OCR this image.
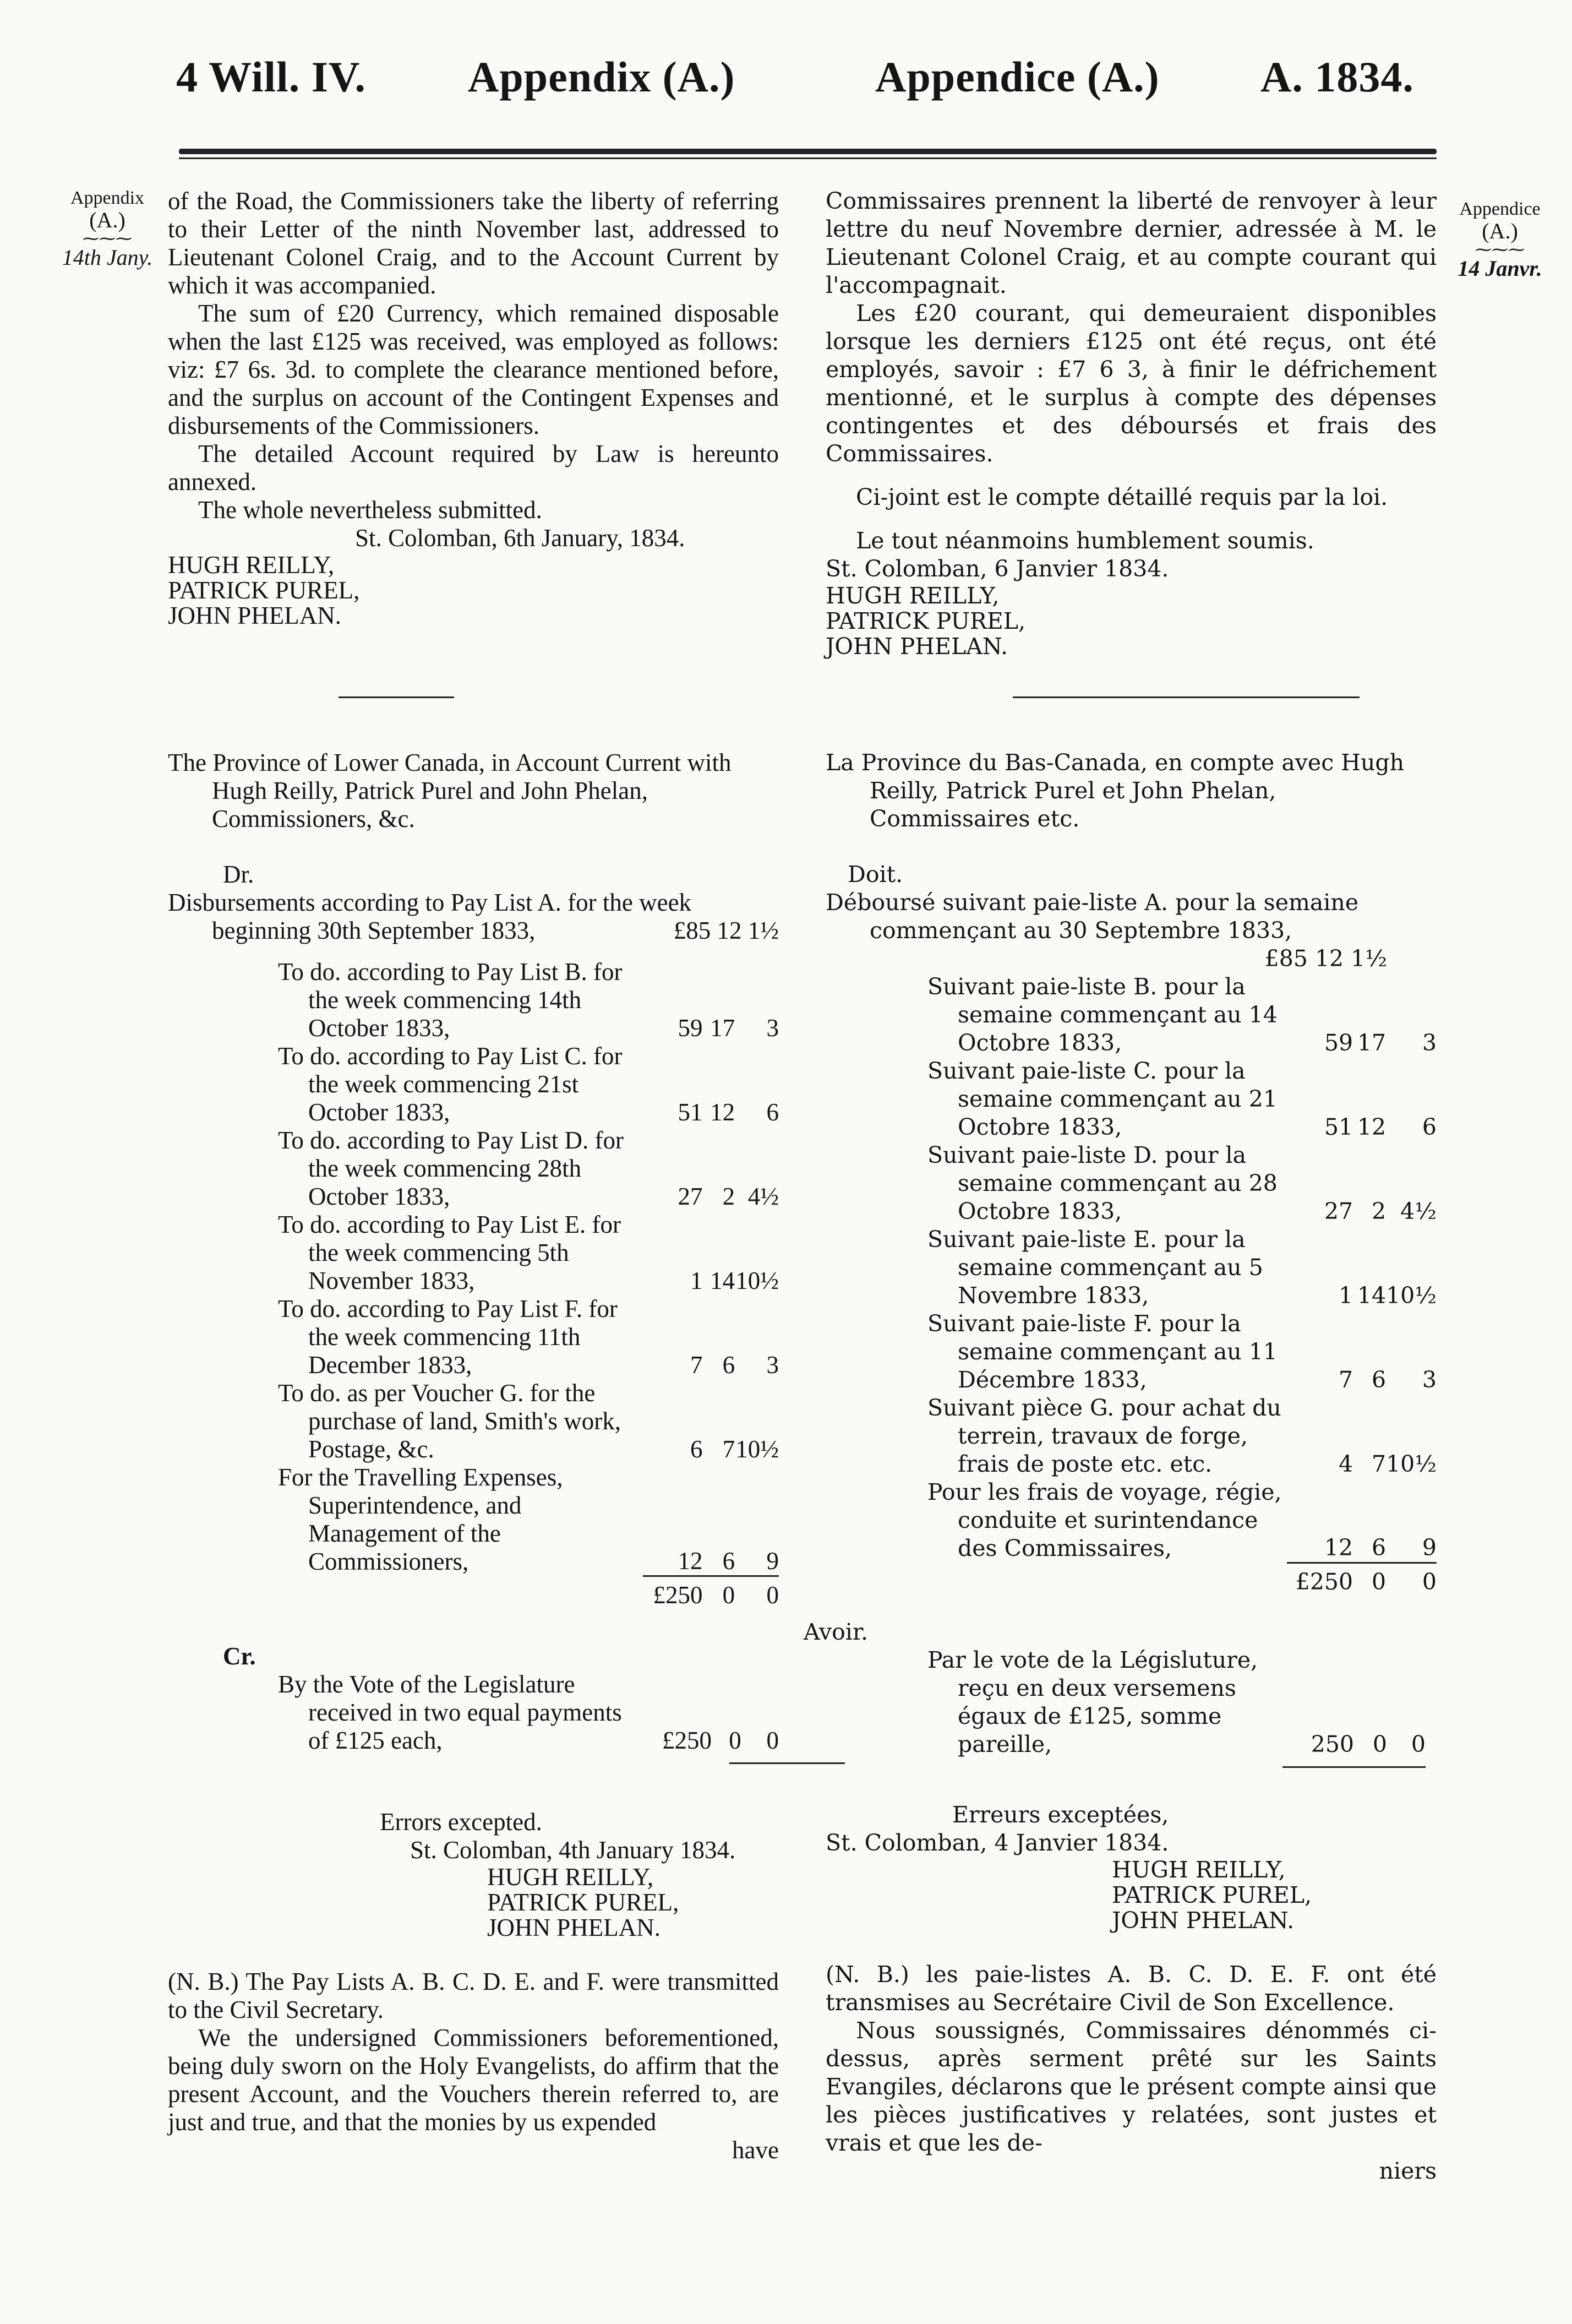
4 Will. IV. Appendix (A.)	Appendice (A.) A. 1834.
Appendix
(A.)
⁓⁓⁓
14th Jany.
Appendice
(A.)
⁓⁓⁓
14 Janvr.

of the Road, the Commissioners take the liberty of referring to their Letter of the ninth November last, addressed to Lieutenant Colonel Craig, and to the Account Current by which it was accompanied.

The sum of £20 Currency, which remained disposable when the last £125 was received, was employed as follows: viz: £7 6s. 3d. to complete the clearance mentioned before, and the surplus on account of the Contingent Expenses and disbursements of the Commissioners.

The detailed Account required by Law is hereunto annexed.

The whole nevertheless submitted.

St. Colomban, 6th January, 1834.

HUGH REILLY,

PATRICK PUREL,

JOHN PHELAN.

Commissaires prennent la liberté de renvoyer à leur lettre du neuf Novembre dernier, adressée à M. le Lieutenant Colonel Craig, et au compte courant qui l'accompagnait.

Les £20 courant, qui demeuraient disponibles lorsque les derniers £125 ont été reçus, ont été employés, savoir : £7 6 3, à finir le défrichement mentionné, et le surplus à compte des dépenses contingentes et des déboursés et frais des Commissaires.

Ci-joint est le compte détaillé requis par la loi.

Le tout néanmoins humblement soumis.

St. Colomban, 6 Janvier 1834.

HUGH REILLY,

PATRICK PUREL,

JOHN PHELAN.

The Province of Lower Canada, in Account Current with Hugh Reilly, Patrick Purel and John Phelan, Commissioners, &c.

Dr.

Disbursements according to Pay List A. for the week beginning 30th September 1833,	£85 12 1½

To do. according to Pay List B. for the week commencing 14th October 1833,	59	17	3
To do. according to Pay List C. for the week commencing 21st October 1833,	51	12	6
To do. according to Pay List D. for the week commencing 28th October 1833,	27	2	4½
To do. according to Pay List E. for the week commencing 5th November 1833,	1	14	10½
To do. according to Pay List F. for the week commencing 11th December 1833,	7	6	3
To do. as per Voucher G. for the purchase of land, Smith's work, Postage, &c.	6	7	10½
For the Travelling Expenses, Superintendence, and Management of the Commissioners,	12	6	9
	£250	0	0

Cr.

By the Vote of the Legislature received in two equal payments of £125 each,	£250	0	0

Errors excepted.

St. Colomban, 4th January 1834.

HUGH REILLY,

PATRICK PUREL,

JOHN PHELAN.

(N. B.) The Pay Lists A. B. C. D. E. and F. were transmitted to the Civil Secretary.

We the undersigned Commissioners beforementioned, being duly sworn on the Holy Evangelists, do affirm that the present Account, and the Vouchers therein referred to, are just and true, and that the monies by us expended

have

La Province du Bas-Canada, en compte avec Hugh Reilly, Patrick Purel et John Phelan, Commissaires etc.

Doit.

Déboursé suivant paie-liste A. pour la semaine commençant au 30 Septembre 1833,

£85 12 1½

Suivant paie-liste B. pour la semaine commençant au 14 Octobre 1833,	59	17	3
Suivant paie-liste C. pour la semaine commençant au 21 Octobre 1833,	51	12	6
Suivant paie-liste D. pour la semaine commençant au 28 Octobre 1833,	27	2	4½
Suivant paie-liste E. pour la semaine commençant au 5 Novembre 1833,	1	14	10½
Suivant paie-liste F. pour la semaine commençant au 11 Décembre 1833,	7	6	3
Suivant pièce G. pour achat du terrein, travaux de forge, frais de poste etc. etc.	4	7	10½
Pour les frais de voyage, régie, conduite et surintendance des Commissaires,	12	6	9
	£250	0	0

Avoir.

Par le vote de la Législuture, reçu en deux versemens égaux de £125, somme pareille,	250	0	0

Erreurs exceptées,

St. Colomban, 4 Janvier 1834.

HUGH REILLY,

PATRICK PUREL,

JOHN PHELAN.

(N. B.) les paie-listes A. B. C. D. E. F. ont été transmises au Secrétaire Civil de Son Excellence.

Nous soussignés, Commissaires dénommés ci-dessus, après serment prêté sur les Saints Evangiles, déclarons que le présent compte ainsi que les pièces justificatives y relatées, sont justes et vrais et que les de-

niers
